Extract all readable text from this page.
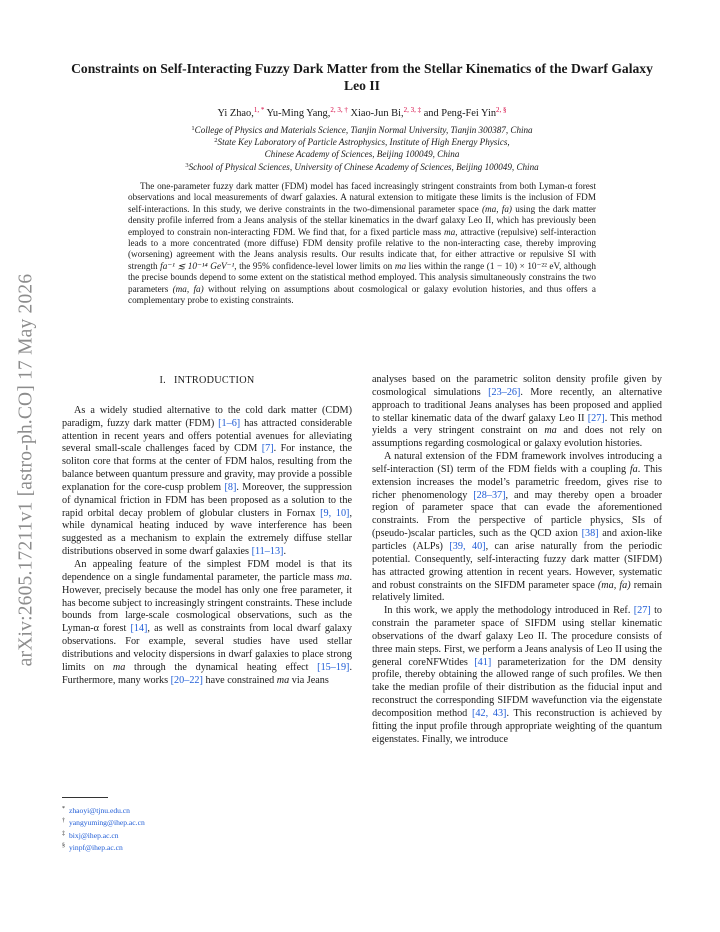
arXiv:2605.17211v1 [astro-ph.CO] 17 May 2026
Constraints on Self-Interacting Fuzzy Dark Matter from the Stellar Kinematics of the Dwarf Galaxy Leo II
Yi Zhao,$^{1, *}$ Yu-Ming Yang,$^{2, 3, \dagger}$ Xiao-Jun Bi,$^{2, 3, \ddagger}$ and Peng-Fei Yin$^{2, \S}$
$^1$College of Physics and Materials Science, Tianjin Normal University, Tianjin 300387, China
$^2$State Key Laboratory of Particle Astrophysics, Institute of High Energy Physics,
Chinese Academy of Sciences, Beijing 100049, China
$^3$School of Physical Sciences, University of Chinese Academy of Sciences, Beijing 100049, China

The one-parameter fuzzy dark matter (FDM) model has faced increasingly stringent constraints from both Lyman-α forest observations and local measurements of dwarf galaxies. A natural extension to mitigate these limits is the inclusion of FDM self-interactions. In this study, we derive constraints in the two-dimensional parameter space (ma, fa) using the dark matter density profile inferred from a Jeans analysis of the stellar kinematics in the dwarf galaxy Leo II, which has previously been employed to constrain non-interacting FDM. We find that, for a fixed particle mass ma, attractive (repulsive) self-interaction leads to a more concentrated (more diffuse) FDM density profile relative to the non-interacting case, thereby improving (worsening) agreement with the Jeans analysis results. Our results indicate that, for either attractive or repulsive SI with strength fa⁻¹ ≲ 10⁻¹⁴ GeV⁻¹, the 95% confidence-level lower limits on ma lies within the range (1 − 10) × 10⁻²² eV, although the precise bounds depend to some extent on the statistical method employed. This analysis simultaneously constrains the two parameters (ma, fa) without relying on assumptions about cosmological or galaxy evolution histories, and thus offers a complementary probe to existing constraints.

I. INTRODUCTION

As a widely studied alternative to the cold dark matter (CDM) paradigm, fuzzy dark matter (FDM) [1–6] has attracted considerable attention in recent years and offers potential avenues for alleviating several small-scale challenges faced by CDM [7]. For instance, the soliton core that forms at the center of FDM halos, resulting from the balance between quantum pressure and gravity, may provide a possible explanation for the core-cusp problem [8]. Moreover, the suppression of dynamical friction in FDM has been proposed as a solution to the rapid orbital decay problem of globular clusters in Fornax [9, 10], while dynamical heating induced by wave interference has been suggested as a mechanism to explain the extremely diffuse stellar distributions observed in some dwarf galaxies [11–13].

An appealing feature of the simplest FDM model is that its dependence on a single fundamental parameter, the particle mass ma. However, precisely because the model has only one free parameter, it has become subject to increasingly stringent constraints. These include bounds from large-scale cosmological observations, such as the Lyman-α forest [14], as well as constraints from local dwarf galaxy observations. For example, several studies have used stellar distributions and velocity dispersions in dwarf galaxies to place strong limits on ma through the dynamical heating effect [15–19]. Furthermore, many works [20–22] have constrained ma via Jeans

analyses based on the parametric soliton density profile given by cosmological simulations [23–26]. More recently, an alternative approach to traditional Jeans analyses has been proposed and applied to stellar kinematic data of the dwarf galaxy Leo II [27]. This method yields a very stringent constraint on ma and does not rely on assumptions regarding cosmological or galaxy evolution histories.

A natural extension of the FDM framework involves introducing a self-interaction (SI) term of the FDM fields with a coupling fa. This extension increases the model’s parametric freedom, gives rise to richer phenomenology [28–37], and may thereby open a broader region of parameter space that can evade the aforementioned constraints. From the perspective of particle physics, SIs of (pseudo-)scalar particles, such as the QCD axion [38] and axion-like particles (ALPs) [39, 40], can arise naturally from the periodic potential. Consequently, self-interacting fuzzy dark matter (SIFDM) has attracted growing attention in recent years. However, systematic and robust constraints on the SIFDM parameter space (ma, fa) remain relatively limited.

In this work, we apply the methodology introduced in Ref. [27] to constrain the parameter space of SIFDM using stellar kinematic observations of the dwarf galaxy Leo II. The procedure consists of three main steps. First, we perform a Jeans analysis of Leo II using the general coreNFWtides [41] parameterization for the DM density profile, thereby obtaining the allowed range of such profiles. We then take the median profile of their distribution as the fiducial input and reconstruct the corresponding SIFDM wavefunction via the eigenstate decomposition method [42, 43]. This reconstruction is achieved by fitting the input profile through appropriate weighting of the quantum eigenstates. Finally, we introduce

* zhaoyi@tjnu.edu.cn
† yangyuming@ihep.ac.cn
‡ bixj@ihep.ac.cn
§ yinpf@ihep.ac.cn
